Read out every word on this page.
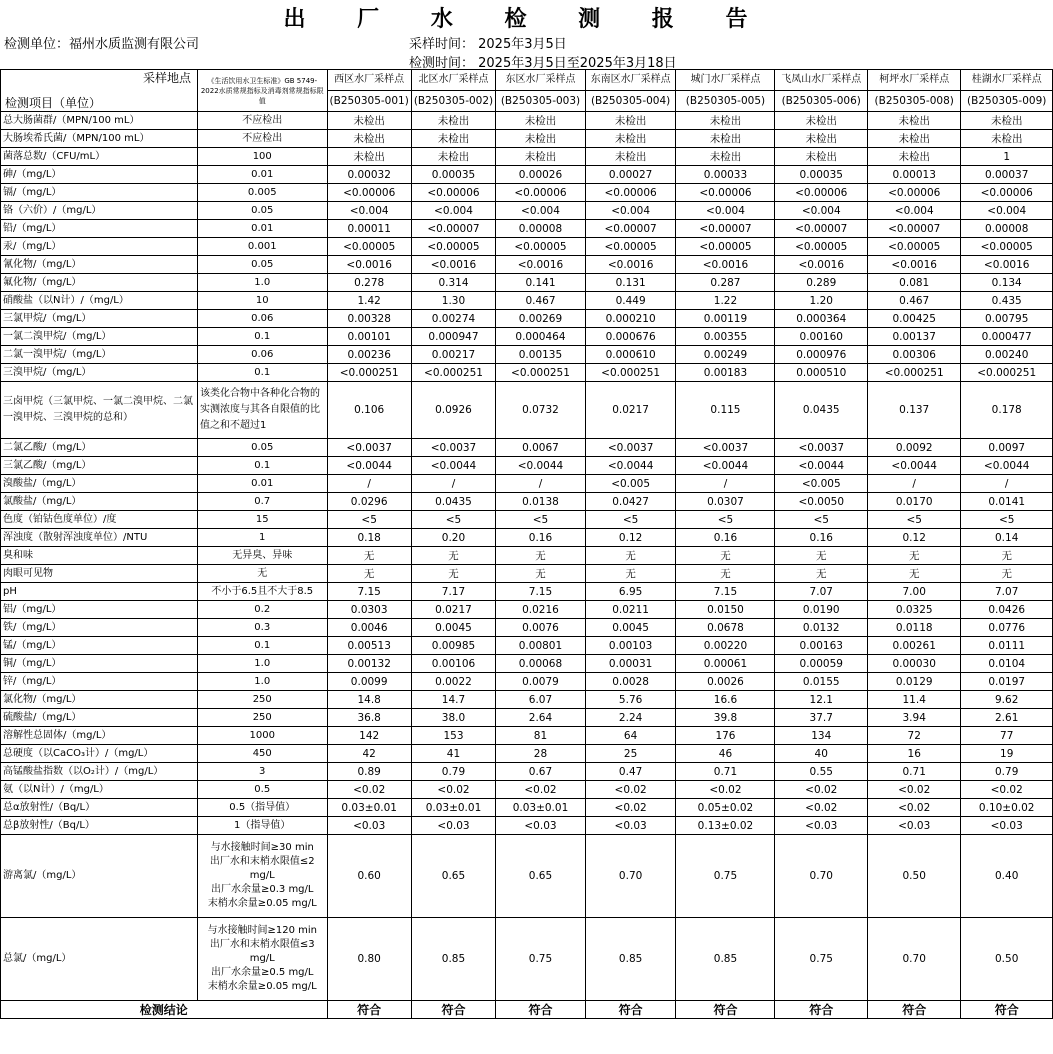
出 厂 水 检 测 报 告
检测单位：福州水质监测有限公司	采样时间： 2025年3月5日
检测时间： 2025年3月5日至2025年3月18日
采样地点
检测项目（单位）	《生活饮用水卫生标准》GB 5749-2022水质常规指标及消毒剂常规指标限值	西区水厂采样点	北区水厂采样点	东区水厂采样点	东南区水厂采样点	城门水厂采样点	飞凤山水厂采样点	柯坪水厂采样点	桂湖水厂采样点
		(B250305-001)	(B250305-002)	(B250305-003)	(B250305-004)	(B250305-005)	(B250305-006)	(B250305-008)	(B250305-009)
总大肠菌群/（MPN/100 mL）	不应检出	未检出	未检出	未检出	未检出	未检出	未检出	未检出	未检出
大肠埃希氏菌/（MPN/100 mL）	不应检出	未检出	未检出	未检出	未检出	未检出	未检出	未检出	未检出
菌落总数/（CFU/mL）	100	未检出	未检出	未检出	未检出	未检出	未检出	未检出	1
砷/（mg/L）	0.01	0.00032	0.00035	0.00026	0.00027	0.00033	0.00035	0.00013	0.00037
镉/（mg/L）	0.005	<0.00006	<0.00006	<0.00006	<0.00006	<0.00006	<0.00006	<0.00006	<0.00006
铬（六价）/（mg/L）	0.05	<0.004	<0.004	<0.004	<0.004	<0.004	<0.004	<0.004	<0.004
铅/（mg/L）	0.01	0.00011	<0.00007	0.00008	<0.00007	<0.00007	<0.00007	<0.00007	0.00008
汞/（mg/L）	0.001	<0.00005	<0.00005	<0.00005	<0.00005	<0.00005	<0.00005	<0.00005	<0.00005
氰化物/（mg/L）	0.05	<0.0016	<0.0016	<0.0016	<0.0016	<0.0016	<0.0016	<0.0016	<0.0016
氟化物/（mg/L）	1.0	0.278	0.314	0.141	0.131	0.287	0.289	0.081	0.134
硝酸盐（以N计）/（mg/L）	10	1.42	1.30	0.467	0.449	1.22	1.20	0.467	0.435
三氯甲烷/（mg/L）	0.06	0.00328	0.00274	0.00269	0.000210	0.00119	0.000364	0.00425	0.00795
一氯二溴甲烷/（mg/L）	0.1	0.00101	0.000947	0.000464	0.000676	0.00355	0.00160	0.00137	0.000477
二氯一溴甲烷/（mg/L）	0.06	0.00236	0.00217	0.00135	0.000610	0.00249	0.000976	0.00306	0.00240
三溴甲烷/（mg/L）	0.1	<0.000251	<0.000251	<0.000251	<0.000251	0.00183	0.000510	<0.000251	<0.000251
三卤甲烷（三氯甲烷、一氯二溴甲烷、二氯一溴甲烷、三溴甲烷的总和）	该类化合物中各种化合物的实测浓度与其各自限值的比值之和不超过1	0.106	0.0926	0.0732	0.0217	0.115	0.0435	0.137	0.178
二氯乙酸/（mg/L）	0.05	<0.0037	<0.0037	0.0067	<0.0037	<0.0037	<0.0037	0.0092	0.0097
三氯乙酸/（mg/L）	0.1	<0.0044	<0.0044	<0.0044	<0.0044	<0.0044	<0.0044	<0.0044	<0.0044
溴酸盐/（mg/L）	0.01	/	/	/	<0.005	/	<0.005	/	/
氯酸盐/（mg/L）	0.7	0.0296	0.0435	0.0138	0.0427	0.0307	<0.0050	0.0170	0.0141
色度（铂钴色度单位）/度	15	<5	<5	<5	<5	<5	<5	<5	<5
浑浊度（散射浑浊度单位）/NTU	1	0.18	0.20	0.16	0.12	0.16	0.16	0.12	0.14
臭和味	无异臭、异味	无	无	无	无	无	无	无	无
肉眼可见物	无	无	无	无	无	无	无	无	无
pH	不小于6.5且不大于8.5	7.15	7.17	7.15	6.95	7.15	7.07	7.00	7.07
铝/（mg/L）	0.2	0.0303	0.0217	0.0216	0.0211	0.0150	0.0190	0.0325	0.0426
铁/（mg/L）	0.3	0.0046	0.0045	0.0076	0.0045	0.0678	0.0132	0.0118	0.0776
锰/（mg/L）	0.1	0.00513	0.00985	0.00801	0.00103	0.00220	0.00163	0.00261	0.0111
铜/（mg/L）	1.0	0.00132	0.00106	0.00068	0.00031	0.00061	0.00059	0.00030	0.0104
锌/（mg/L）	1.0	0.0099	0.0022	0.0079	0.0028	0.0026	0.0155	0.0129	0.0197
氯化物/（mg/L）	250	14.8	14.7	6.07	5.76	16.6	12.1	11.4	9.62
硫酸盐/（mg/L）	250	36.8	38.0	2.64	2.24	39.8	37.7	3.94	2.61
溶解性总固体/（mg/L）	1000	142	153	81	64	176	134	72	77
总硬度（以CaCO₃计）/（mg/L）	450	42	41	28	25	46	40	16	19
高锰酸盐指数（以O₂计）/（mg/L）	3	0.89	0.79	0.67	0.47	0.71	0.55	0.71	0.79
氨（以N计）/（mg/L）	0.5	<0.02	<0.02	<0.02	<0.02	<0.02	<0.02	<0.02	<0.02
总α放射性/（Bq/L）	0.5（指导值）	0.03±0.01	0.03±0.01	0.03±0.01	<0.02	0.05±0.02	<0.02	<0.02	0.10±0.02
总β放射性/（Bq/L）	1（指导值）	<0.03	<0.03	<0.03	<0.03	0.13±0.02	<0.03	<0.03	<0.03
游离氯/（mg/L）	与水接触时间≥30 min
出厂水和末梢水限值≤2 mg/L
出厂水余量≥0.3 mg/L
末梢水余量≥0.05 mg/L	0.60	0.65	0.65	0.70	0.75	0.70	0.50	0.40
总氯/（mg/L）	与水接触时间≥120 min
出厂水和末梢水限值≤3 mg/L
出厂水余量≥0.5 mg/L
末梢水余量≥0.05 mg/L	0.80	0.85	0.75	0.85	0.85	0.75	0.70	0.50
检测结论		符合	符合	符合	符合	符合	符合	符合	符合
